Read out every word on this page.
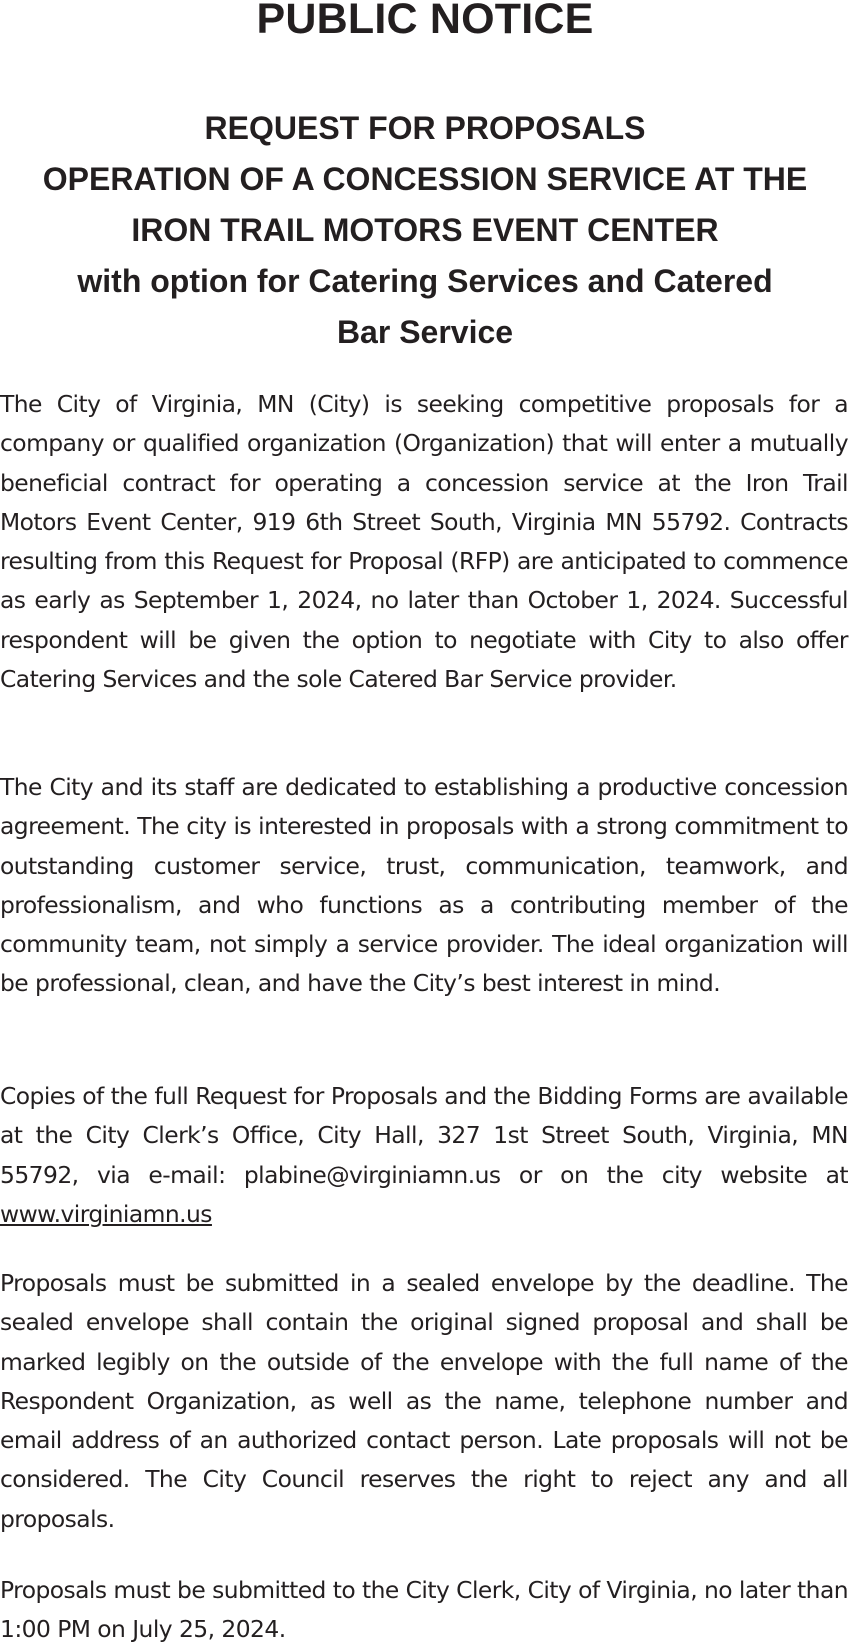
PUBLIC NOTICE
REQUEST FOR PROPOSALS
OPERATION OF A CONCESSION SERVICE AT THE
IRON TRAIL MOTORS EVENT CENTER
with option for Catering Services and Catered
Bar Service

The City of Virginia, MN (City) is seeking competitive proposals for a company or qualified organization (Organization) that will enter a mutually beneficial contract for operating a concession service at the Iron Trail Motors Event Center, 919 6th Street South, Virginia MN 55792. Contracts resulting from this Request for Proposal (RFP) are anticipated to commence as early as September 1, 2024, no later than October 1, 2024. Successful respondent will be given the option to negotiate with City to also offer Catering Services and the sole Catered Bar Service provider.

The City and its staff are dedicated to establishing a productive concession agreement. The city is interested in proposals with a strong commitment to outstanding customer service, trust, communication, teamwork, and professionalism, and who functions as a contributing member of the community team, not simply a service provider. The ideal organization will be professional, clean, and have the City’s best interest in mind.

Copies of the full Request for Proposals and the Bidding Forms are available at the City Clerk’s Office, City Hall, 327 1st Street South, Virginia, MN 55792, via e-mail: plabine@virginiamn.us or on the city website at www.virginiamn.us

Proposals must be submitted in a sealed envelope by the deadline. The sealed envelope shall contain the original signed proposal and shall be marked legibly on the outside of the envelope with the full name of the Respondent Organization, as well as the name, telephone number and email address of an authorized contact person. Late proposals will not be considered. The City Council reserves the right to reject any and all proposals.

Proposals must be submitted to the City Clerk, City of Virginia, no later than 1:00 PM on July 25, 2024.
